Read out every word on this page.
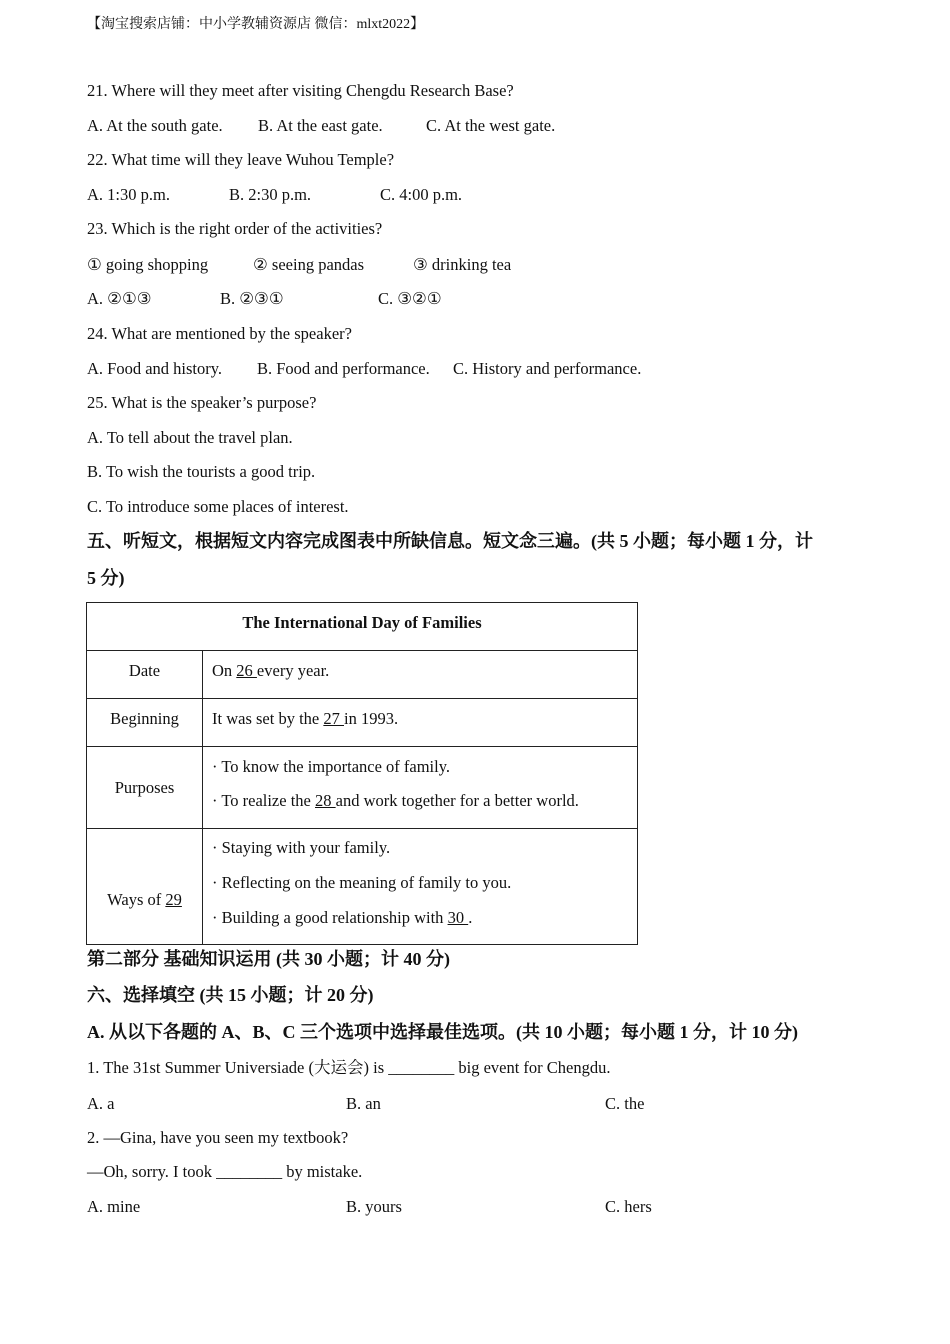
【淘宝搜索店铺：中小学教辅资源店 微信：mlxt2022】
21. Where will they meet after visiting Chengdu Research Base?
A. At the south gate. B. At the east gate.	C. At the west gate.
22. What time will they leave Wuhou Temple?
A. 1:30 p.m.	B. 2:30 p.m.	C. 4:00 p.m.
23. Which is the right order of the activities?
① going shopping	② seeing pandas	③ drinking tea
A. ②①③	B. ②③①	C. ③②①
24. What are mentioned by the speaker?
A. Food and history. B. Food and performance. C. History and performance.
25. What is the speaker’s purpose?
A. To tell about the travel plan.
B. To wish the tourists a good trip.
C. To introduce some places of interest.
五、听短文，根据短文内容完成图表中所缺信息。短文念三遍。(共 5 小题；每小题 1 分，计
5 分)
The International Day of Families	
Date	On 26 every year.
Beginning	It was set by the 27 in 1993.
Purposes	· To know the importance of family.
· To realize the 28 and work together for a better world.

Ways of 29	· Staying with your family.
· Reflecting on the meaning of family to you.
· Building a good relationship with 30 .
第二部分 基础知识运用 (共 30 小题；计 40 分)
六、选择填空 (共 15 小题；计 20 分)
A. 从以下各题的 A、B、C 三个选项中选择最佳选项。(共 10 小题；每小题 1 分，计 10 分)
1. The 31st Summer Universiade (大运会) is ________ big event for Chengdu.
A. a	B. an	C. the
2. —Gina, have you seen my textbook?
—Oh, sorry. I took ________ by mistake.
A. mine	B. yours	C. hers
